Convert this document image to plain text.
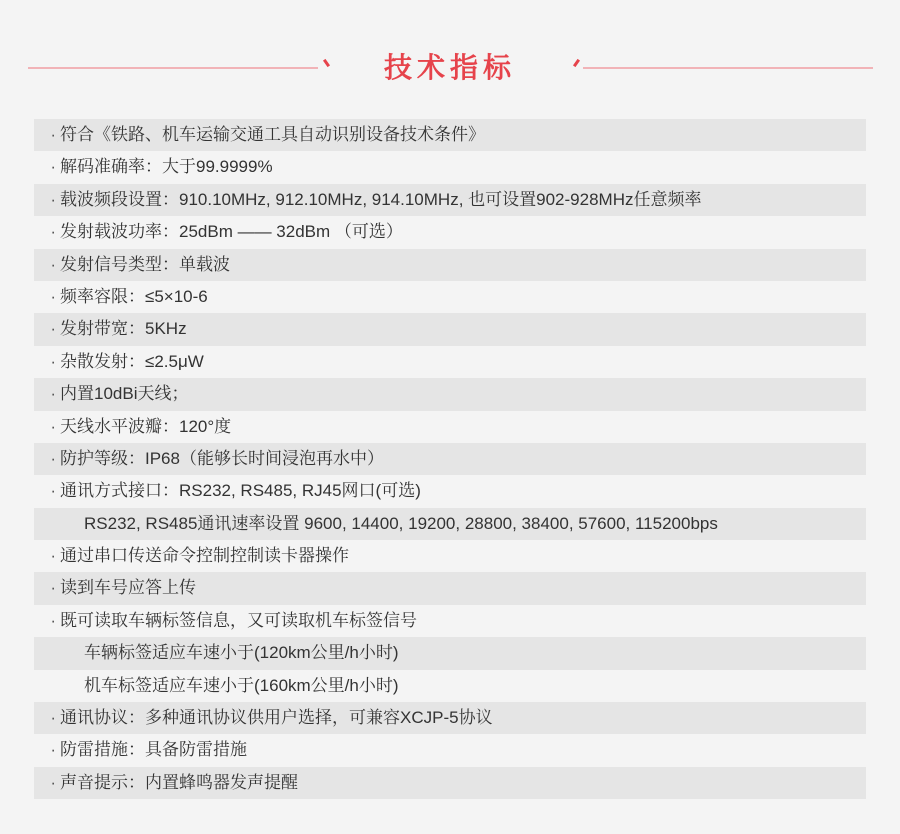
技术指标
· 符合《铁路、机车运输交通工具自动识别设备技术条件》
· 解码准确率：大于99.9999%
· 载波频段设置：910.10MHz, 912.10MHz, 914.10MHz, 也可设置902-928MHz任意频率
· 发射载波功率：25dBm —— 32dBm （可选）
· 发射信号类型：单载波
· 频率容限：≤5×10-6
· 发射带宽：5KHz
· 杂散发射：≤2.5μW
· 内置10dBi天线；
· 天线水平波瓣：120°度
· 防护等级：IP68（能够长时间浸泡再水中）
· 通讯方式接口：RS232, RS485, RJ45网口(可选)
RS232, RS485通讯速率设置 9600, 14400, 19200, 28800, 38400, 57600, 115200bps
· 通过串口传送命令控制控制读卡器操作
· 读到车号应答上传
· 既可读取车辆标签信息，又可读取机车标签信号
车辆标签适应车速小于(120km公里/h小时)
机车标签适应车速小于(160km公里/h小时)
· 通讯协议：多种通讯协议供用户选择，可兼容XCJP-5协议
· 防雷措施：具备防雷措施
· 声音提示：内置蜂鸣器发声提醒
